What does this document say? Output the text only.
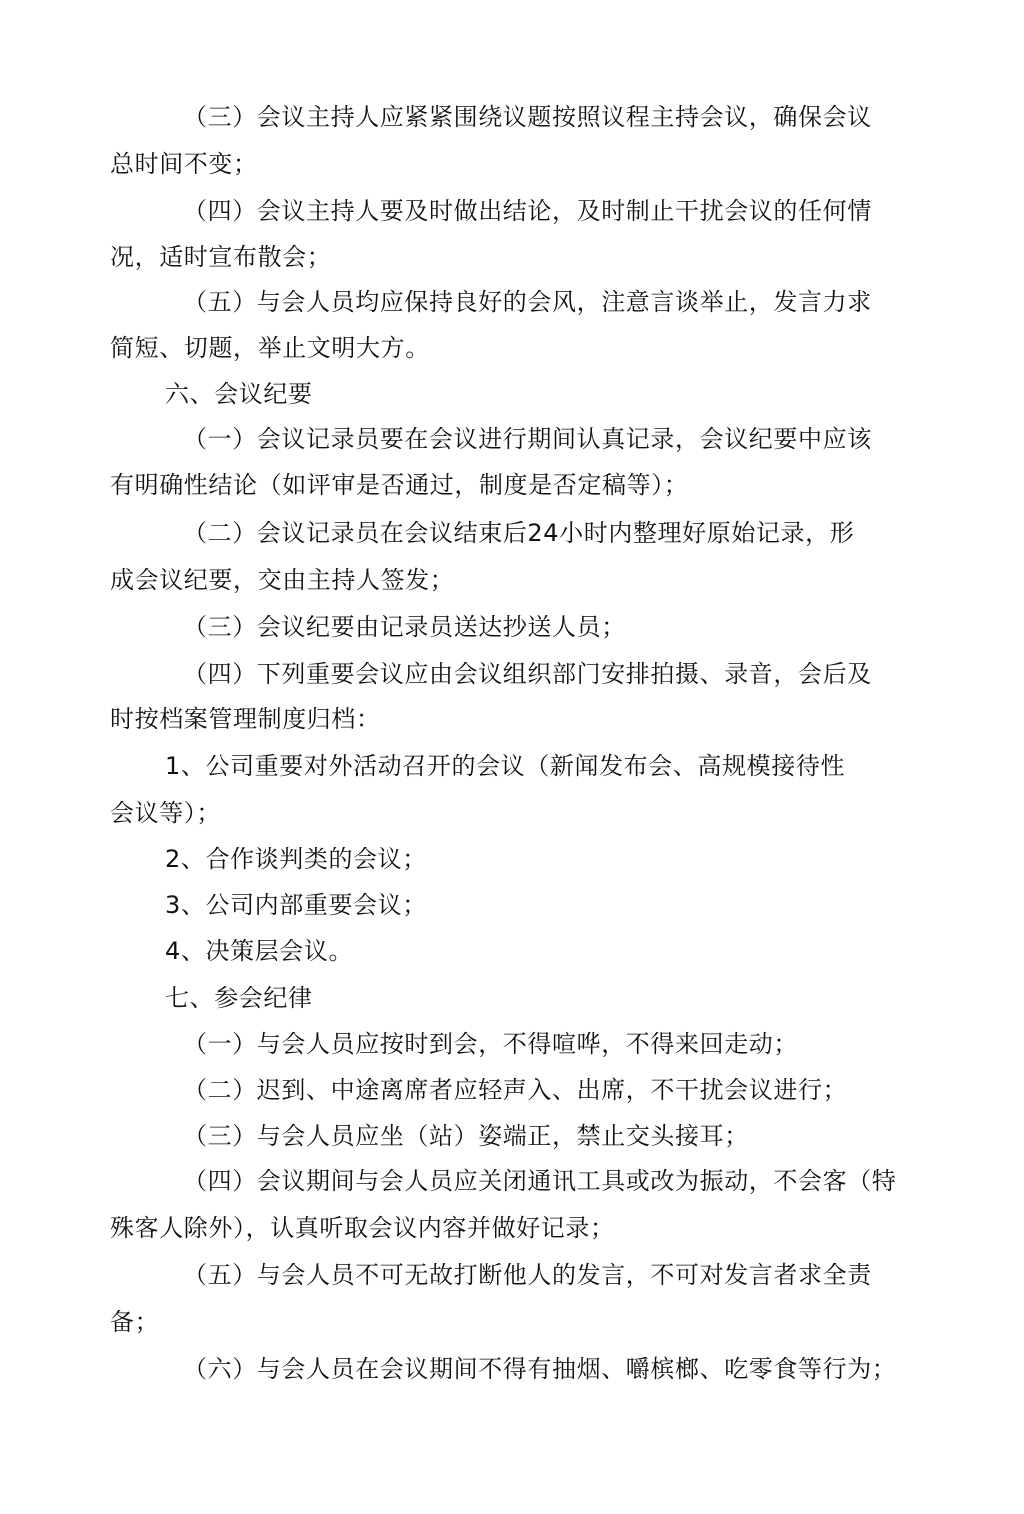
（三）会议主持人应紧紧围绕议题按照议程主持会议，确保会议
总时间不变；
（四）会议主持人要及时做出结论，及时制止干扰会议的任何情
况，适时宣布散会；
（五）与会人员均应保持良好的会风，注意言谈举止，发言力求
简短、切题，举止文明大方。
六、会议纪要
（一）会议记录员要在会议进行期间认真记录，会议纪要中应该
有明确性结论（如评审是否通过，制度是否定稿等）；
（二）会议记录员在会议结束后24小时内整理好原始记录，形
成会议纪要，交由主持人签发；
（三）会议纪要由记录员送达抄送人员；
（四）下列重要会议应由会议组织部门安排拍摄、录音，会后及
时按档案管理制度归档：
1、公司重要对外活动召开的会议（新闻发布会、高规模接待性
会议等）；
2、合作谈判类的会议；
3、公司内部重要会议；
4、决策层会议。
七、参会纪律
（一）与会人员应按时到会，不得喧哗，不得来回走动；
（二）迟到、中途离席者应轻声入、出席，不干扰会议进行；
（三）与会人员应坐（站）姿端正，禁止交头接耳；
（四）会议期间与会人员应关闭通讯工具或改为振动，不会客（特
殊客人除外），认真听取会议内容并做好记录；
（五）与会人员不可无故打断他人的发言，不可对发言者求全责
备；
（六）与会人员在会议期间不得有抽烟、嚼槟榔、吃零食等行为；
